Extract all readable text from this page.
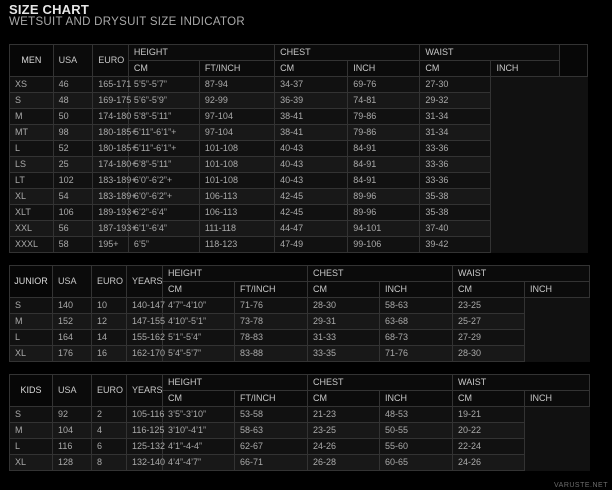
SIZE CHART
WETSUIT AND DRYSUIT SIZE INDICATOR
MEN	USA	EURO	HEIGHT		CHEST		WAIST		
			CM	FT/INCH	CM	INCH	CM	INCH	
XS	46	165-171	5’5”-5’7”	87-94	34-37	69-76	27-30		
S	48	169-175	5’6”-5’9”	92-99	36-39	74-81	29-32		
M	50	174-180	5’8”-5’11”	97-104	38-41	79-86	31-34		
MT	98	180-185+	5’11”-6’1”+	97-104	38-41	79-86	31-34		
L	52	180-185+	5’11”-6’1”+	101-108	40-43	84-91	33-36		
LS	25	174-180+	5’8”-5’11”	101-108	40-43	84-91	33-36		
LT	102	183-189+	6’0”-6’2”+	101-108	40-43	84-91	33-36		
XL	54	183-189+	6’0”-6’2”+	106-113	42-45	89-96	35-38		
XLT	106	189-193+	6’2”-6’4”	106-113	42-45	89-96	35-38		
XXL	56	187-193+	6’1”-6’4”	111-118	44-47	94-101	37-40		
XXXL	58	195+	6’5”	118-123	47-49	99-106	39-42		
JUNIOR	USA	EURO	YEARS	HEIGHT		CHEST		WAIST	
				CM	FT/INCH	CM	INCH	CM	INCH
S	140	10	140-147	4’7”-4’10”	71-76	28-30	58-63	23-25	
M	152	12	147-155	4’10”-5’1”	73-78	29-31	63-68	25-27	
L	164	14	155-162	5’1”-5’4”	78-83	31-33	68-73	27-29	
XL	176	16	162-170	5’4”-5’7”	83-88	33-35	71-76	28-30	
KIDS	USA	EURO	YEARS	HEIGHT		CHEST		WAIST	
				CM	FT/INCH	CM	INCH	CM	INCH
S	92	2	105-116	3’5”-3’10”	53-58	21-23	48-53	19-21	
M	104	4	116-125	3’10”-4’1”	58-63	23-25	50-55	20-22	
L	116	6	125-132	4’1”-4-4”	62-67	24-26	55-60	22-24	
XL	128	8	132-140	4’4”-4’7”	66-71	26-28	60-65	24-26	
VARUSTE.NET
